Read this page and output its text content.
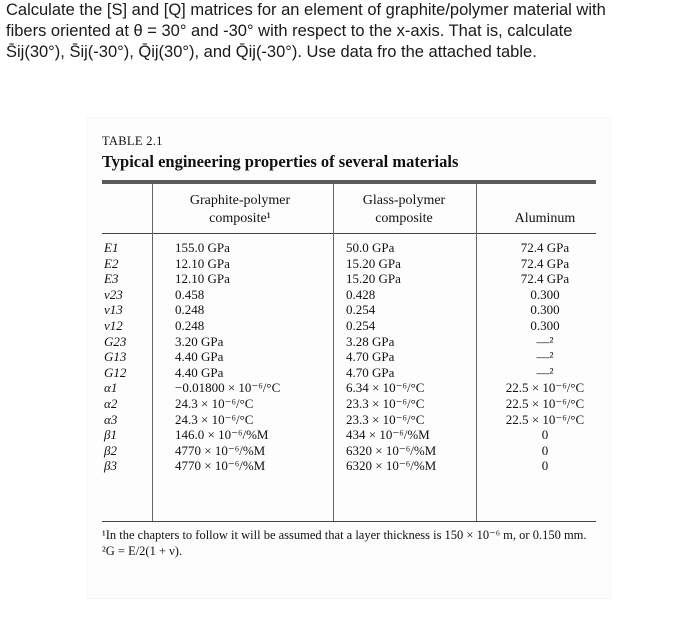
Calculate the [S] and [Q] matrices for an element of graphite/polymer material with
fibers oriented at θ = 30° and -30° with respect to the x-axis. That is, calculate
S̄ij(30°), S̄ij(-30°), Q̄ij(30°), and Q̄ij(-30°). Use data fro the attached table.
TABLE 2.1
Typical engineering properties of several materials
Graphite-polymer
composite¹
Glass-polymer
composite	Aluminum
E1
E2
E3
ν23
ν13
ν12
G23
G13
G12
α1
α2
α3
β1
β2
β3
155.0 GPa
12.10 GPa
12.10 GPa
0.458
0.248
0.248
3.20 GPa
4.40 GPa
4.40 GPa
−0.01800 × 10⁻⁶/°C
24.3 × 10⁻⁶/°C
24.3 × 10⁻⁶/°C
146.0 × 10⁻⁶/%M
4770 × 10⁻⁶/%M
4770 × 10⁻⁶/%M
50.0 GPa
15.20 GPa
15.20 GPa
0.428
0.254
0.254
3.28 GPa
4.70 GPa
4.70 GPa
6.34 × 10⁻⁶/°C
23.3 × 10⁻⁶/°C
23.3 × 10⁻⁶/°C
434 × 10⁻⁶/%M
6320 × 10⁻⁶/%M
6320 × 10⁻⁶/%M
72.4 GPa
72.4 GPa
72.4 GPa
0.300
0.300
0.300
—²
—²
—²
22.5 × 10⁻⁶/°C
22.5 × 10⁻⁶/°C
22.5 × 10⁻⁶/°C
0
0
0
¹In the chapters to follow it will be assumed that a layer thickness is 150 × 10⁻⁶ m, or 0.150 mm.
²G = E/2(1 + ν).
